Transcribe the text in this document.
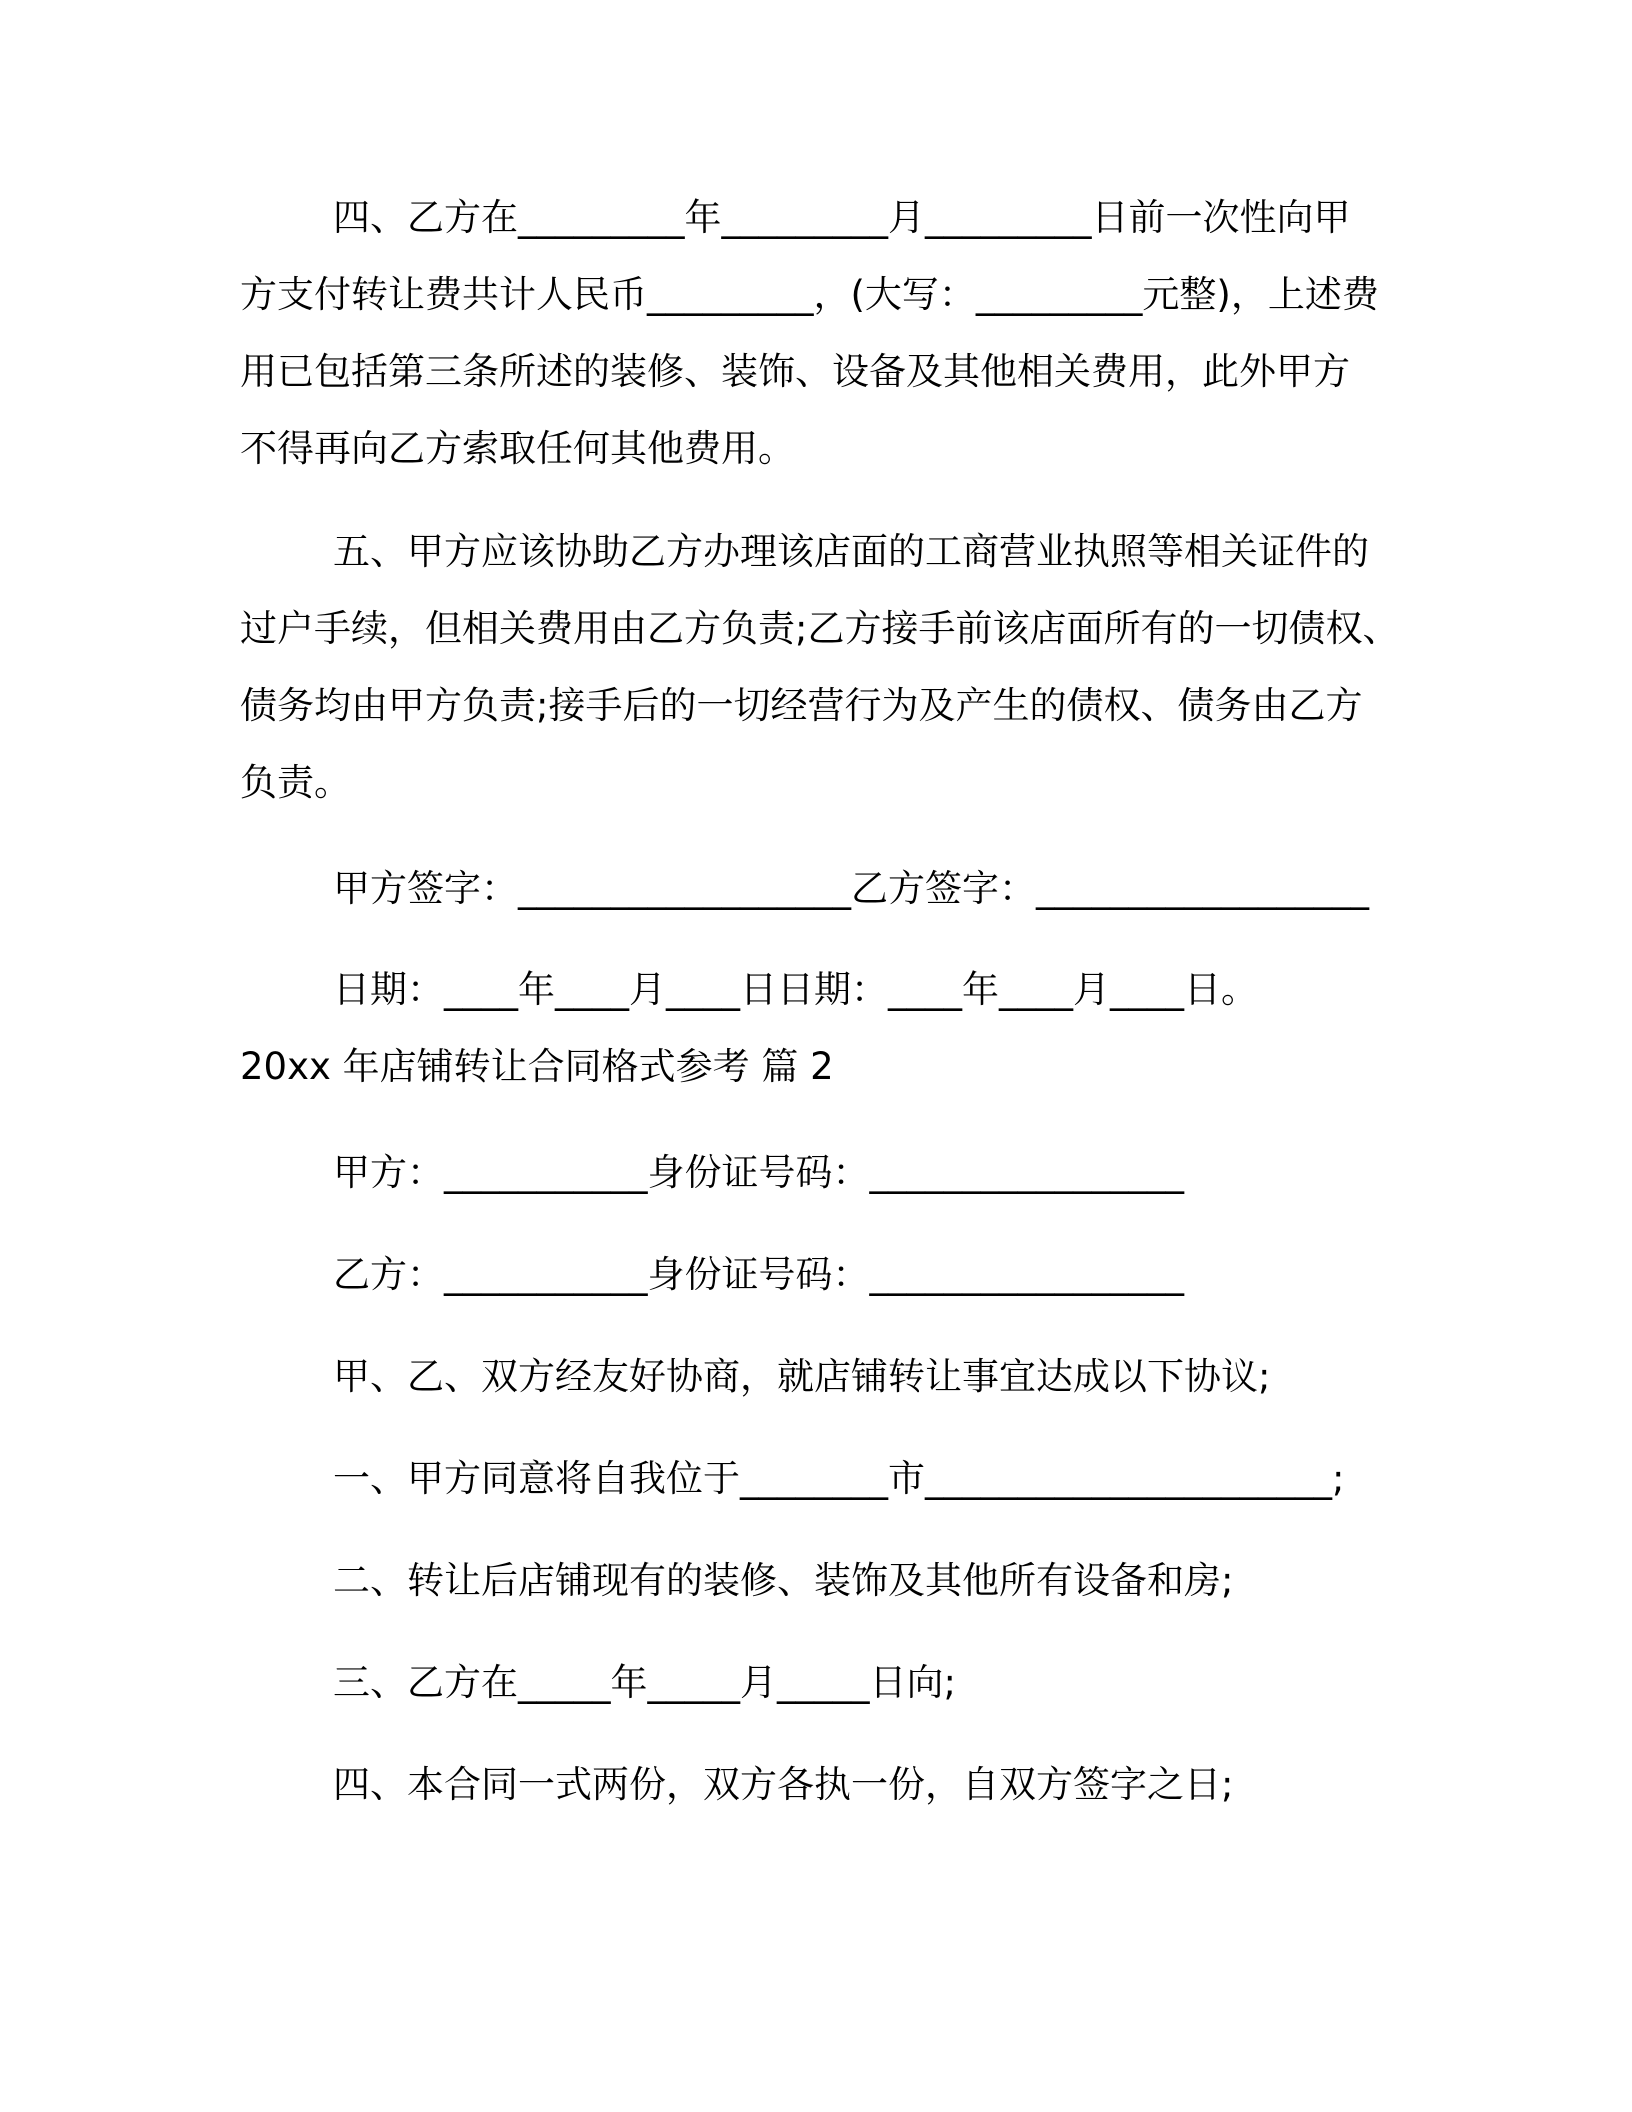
四、乙方在_________年_________月_________日前一次性向甲
方支付转让费共计人民币_________，(大写：_________元整)，上述费
用已包括第三条所述的装修、装饰、设备及其他相关费用，此外甲方
不得再向乙方索取任何其他费用。
五、甲方应该协助乙方办理该店面的工商营业执照等相关证件的
过户手续，但相关费用由乙方负责;乙方接手前该店面所有的一切债权、
债务均由甲方负责;接手后的一切经营行为及产生的债权、债务由乙方
负责。
甲方签字：__________________乙方签字：__________________
日期：____年____月____日日期：____年____月____日。
20xx 年店铺转让合同格式参考 篇 2
甲方：___________身份证号码：_________________
乙方：___________身份证号码：_________________
甲、乙、双方经友好协商，就店铺转让事宜达成以下协议;
一、甲方同意将自我位于________市______________________;
二、转让后店铺现有的装修、装饰及其他所有设备和房;
三、乙方在_____年_____月_____日向;
四、本合同一式两份，双方各执一份，自双方签字之日;
